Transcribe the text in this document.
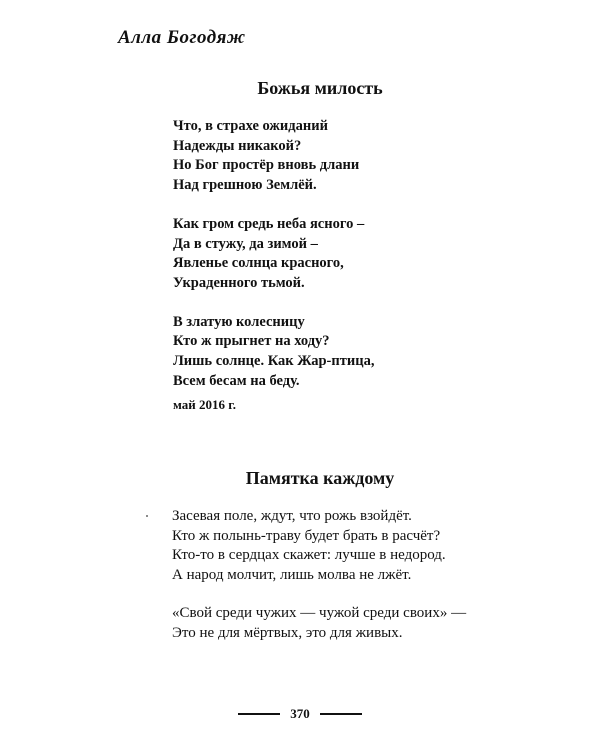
Алла Богодяж
Божья милость
Что, в страхе ожиданий
Надежды никакой?
Но Бог простёр вновь длани
Над грешною Землёй.
Как гром средь неба ясного –
Да в стужу, да зимой –
Явленье солнца красного,
Украденного тьмой.
В златую колесницу
Кто ж прыгнет на ходу?
Лишь солнце. Как Жар-птица,
Всем бесам на беду.
май 2016 г.
Памятка каждому
Засевая поле, ждут, что рожь взойдёт.
Кто ж полынь-траву будет брать в расчёт?
Кто-то в сердцах скажет: лучше в недород.
А народ молчит, лишь молва не лжёт.
«Свой среди чужих — чужой среди своих» —
Это не для мёртвых, это для живых.
370
